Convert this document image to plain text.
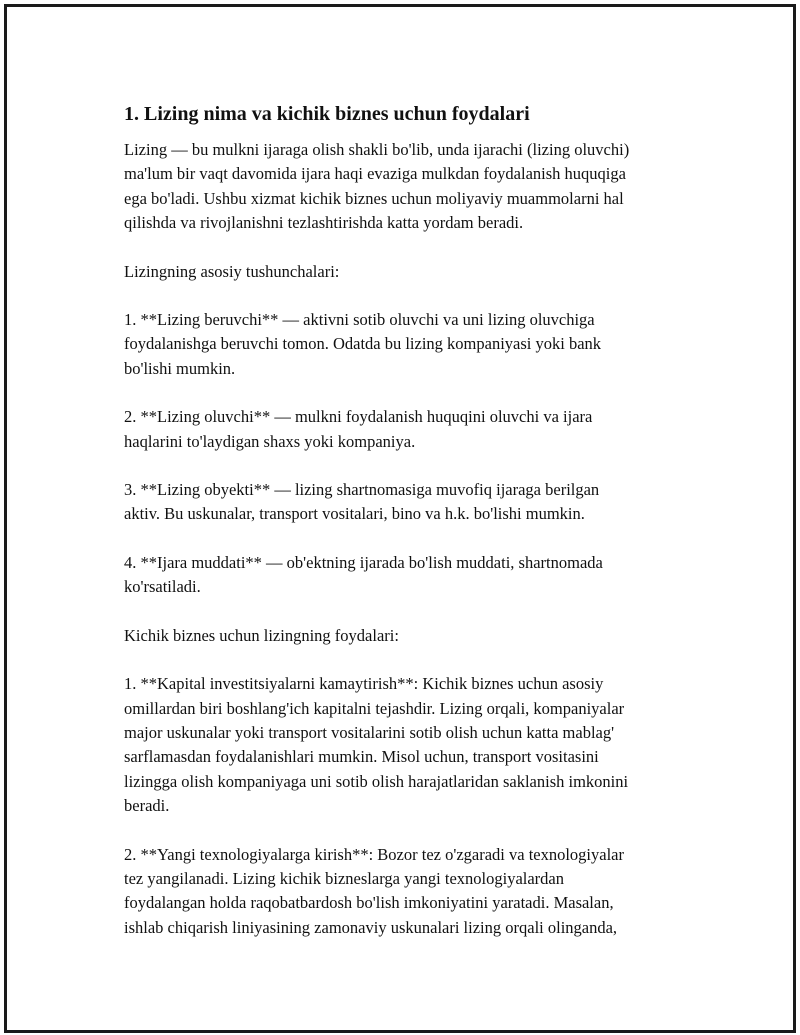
1. Lizing nima va kichik biznes uchun foydalari

Lizing — bu mulkni ijaraga olish shakli bo'lib, unda ijarachi (lizing oluvchi)
ma'lum bir vaqt davomida ijara haqi evaziga mulkdan foydalanish huquqiga
ega bo'ladi. Ushbu xizmat kichik biznes uchun moliyaviy muammolarni hal
qilishda va rivojlanishni tezlashtirishda katta yordam beradi.

Lizingning asosiy tushunchalari:

1. **Lizing beruvchi** — aktivni sotib oluvchi va uni lizing oluvchiga
foydalanishga beruvchi tomon. Odatda bu lizing kompaniyasi yoki bank
bo'lishi mumkin.

2. **Lizing oluvchi** — mulkni foydalanish huquqini oluvchi va ijara
haqlarini to'laydigan shaxs yoki kompaniya.

3. **Lizing obyekti** — lizing shartnomasiga muvofiq ijaraga berilgan
aktiv. Bu uskunalar, transport vositalari, bino va h.k. bo'lishi mumkin.

4. **Ijara muddati** — ob'ektning ijarada bo'lish muddati, shartnomada
ko'rsatiladi.

Kichik biznes uchun lizingning foydalari:

1. **Kapital investitsiyalarni kamaytirish**: Kichik biznes uchun asosiy
omillardan biri boshlang'ich kapitalni tejashdir. Lizing orqali, kompaniyalar
major uskunalar yoki transport vositalarini sotib olish uchun katta mablag'
sarflamasdan foydalanishlari mumkin. Misol uchun, transport vositasini
lizingga olish kompaniyaga uni sotib olish harajatlaridan saklanish imkonini
beradi.

2. **Yangi texnologiyalarga kirish**: Bozor tez o'zgaradi va texnologiyalar
tez yangilanadi. Lizing kichik bizneslarga yangi texnologiyalardan
foydalangan holda raqobatbardosh bo'lish imkoniyatini yaratadi. Masalan,
ishlab chiqarish liniyasining zamonaviy uskunalari lizing orqali olinganda,
